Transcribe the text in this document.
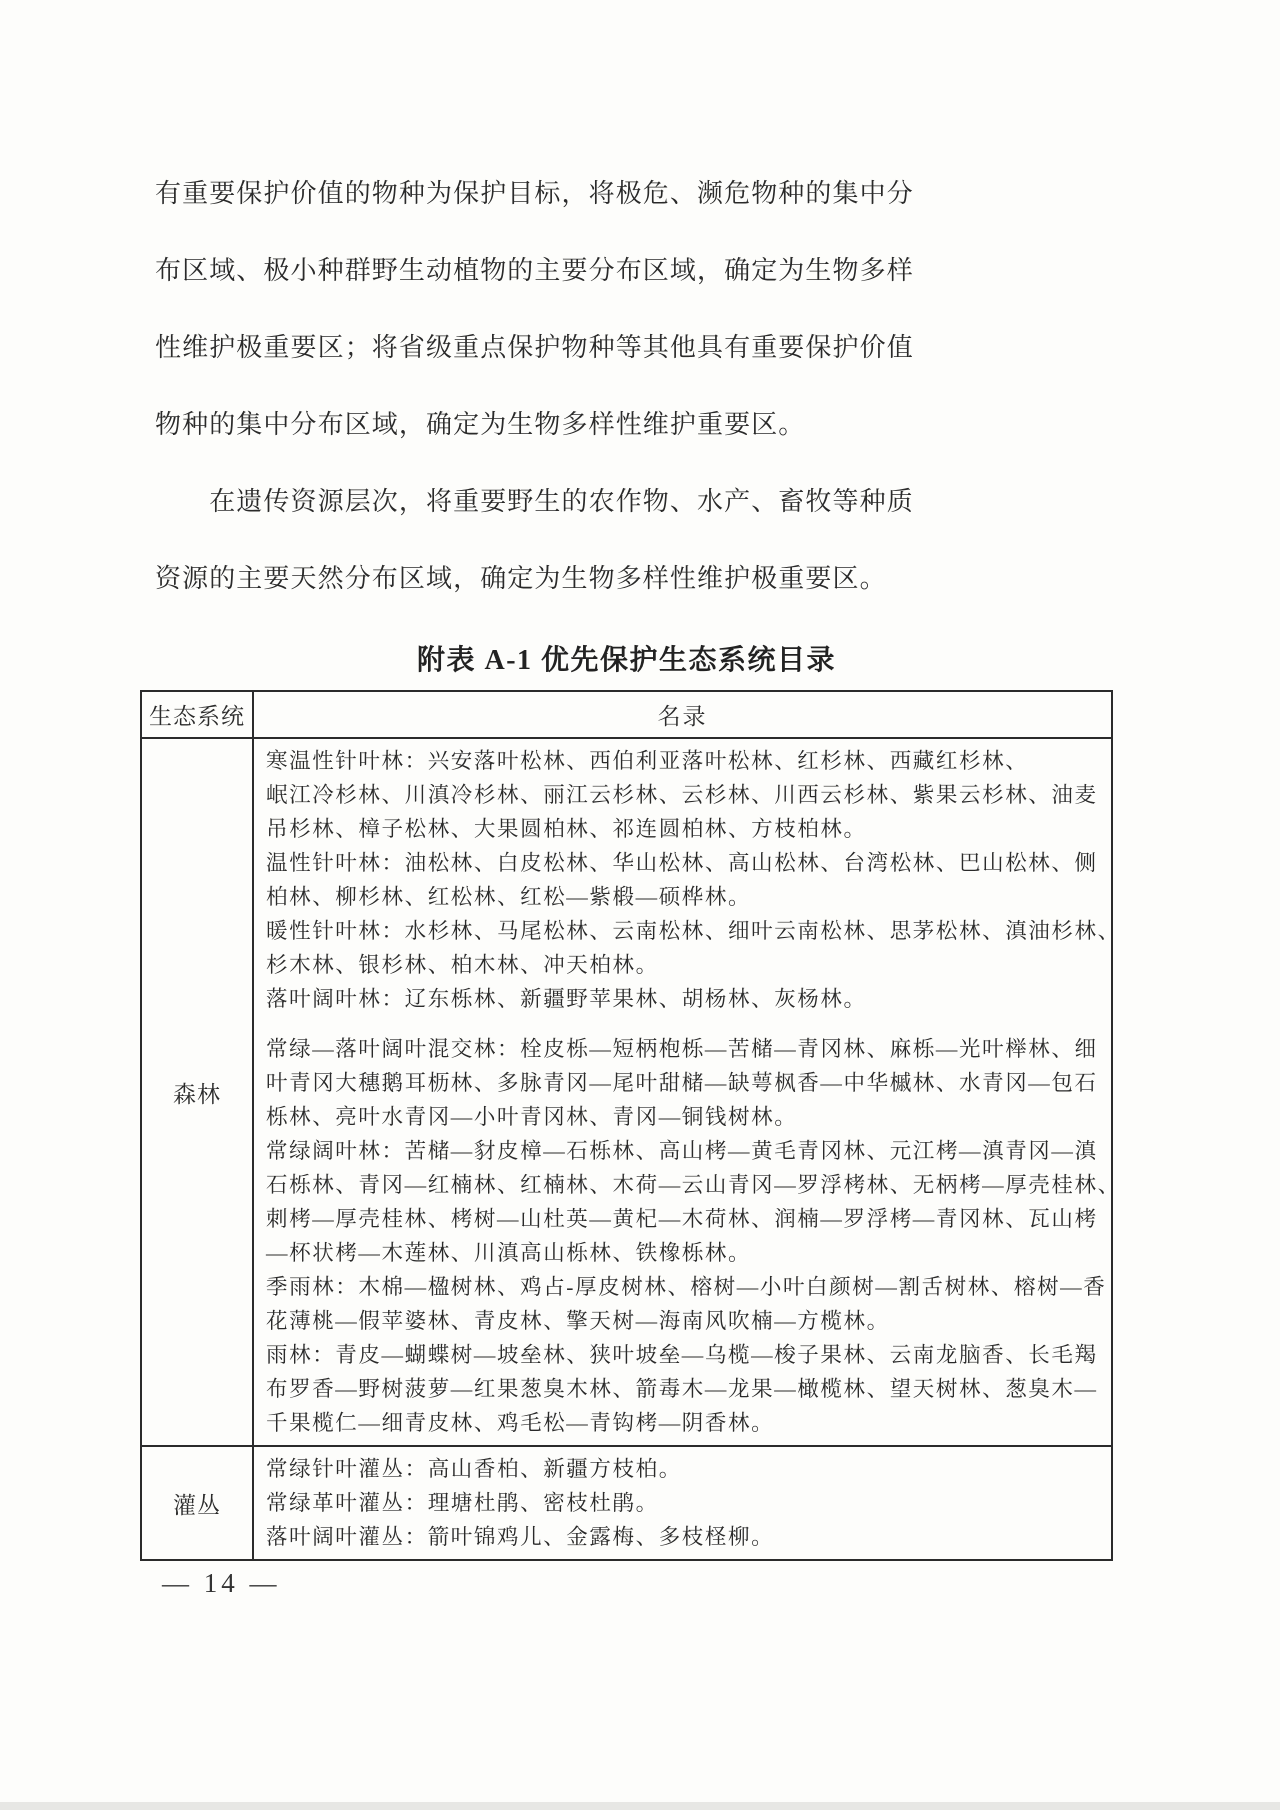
有重要保护价值的物种为保护目标，将极危、濒危物种的集中分
布区域、极小种群野生动植物的主要分布区域，确定为生物多样
性维护极重要区；将省级重点保护物种等其他具有重要保护价值
物种的集中分布区域，确定为生物多样性维护重要区。
　　在遗传资源层次，将重要野生的农作物、水产、畜牧等种质
资源的主要天然分布区域，确定为生物多样性维护极重要区。
附表 A-1 优先保护生态系统目录
生态系统	名录
森林
寒温性针叶林：兴安落叶松林、西伯利亚落叶松林、红杉林、西藏红杉林、
岷江冷杉林、川滇冷杉林、丽江云杉林、云杉林、川西云杉林、紫果云杉林、油麦
吊杉林、樟子松林、大果圆柏林、祁连圆柏林、方枝柏林。
温性针叶林：油松林、白皮松林、华山松林、高山松林、台湾松林、巴山松林、侧
柏林、柳杉林、红松林、红松—紫椴—硕桦林。
暖性针叶林：水杉林、马尾松林、云南松林、细叶云南松林、思茅松林、滇油杉林、
杉木林、银杉林、柏木林、冲天柏林。
落叶阔叶林：辽东栎林、新疆野苹果林、胡杨林、灰杨林。
常绿—落叶阔叶混交林：栓皮栎—短柄枹栎—苦槠—青冈林、麻栎—光叶榉林、细
叶青冈大穗鹅耳枥林、多脉青冈—尾叶甜槠—缺萼枫香—中华槭林、水青冈—包石
栎林、亮叶水青冈—小叶青冈林、青冈—铜钱树林。
常绿阔叶林：苦槠—豺皮樟—石栎林、高山栲—黄毛青冈林、元江栲—滇青冈—滇
石栎林、青冈—红楠林、红楠林、木荷—云山青冈—罗浮栲林、无柄栲—厚壳桂林、
刺栲—厚壳桂林、栲树—山杜英—黄杞—木荷林、润楠—罗浮栲—青冈林、瓦山栲
—杯状栲—木莲林、川滇高山栎林、铁橡栎林。
季雨林：木棉—楹树林、鸡占-厚皮树林、榕树—小叶白颜树—割舌树林、榕树—香
花薄桃—假苹婆林、青皮林、擎天树—海南风吹楠—方榄林。
雨林：青皮—蝴蝶树—坡垒林、狭叶坡垒—乌榄—梭子果林、云南龙脑香、长毛羯
布罗香—野树菠萝—红果葱臭木林、箭毒木—龙果—橄榄林、望天树林、葱臭木—
千果榄仁—细青皮林、鸡毛松—青钩栲—阴香林。
灌丛
常绿针叶灌丛：高山香柏、新疆方枝柏。
常绿革叶灌丛：理塘杜鹃、密枝杜鹃。
落叶阔叶灌丛：箭叶锦鸡儿、金露梅、多枝柽柳。
— 14 —
